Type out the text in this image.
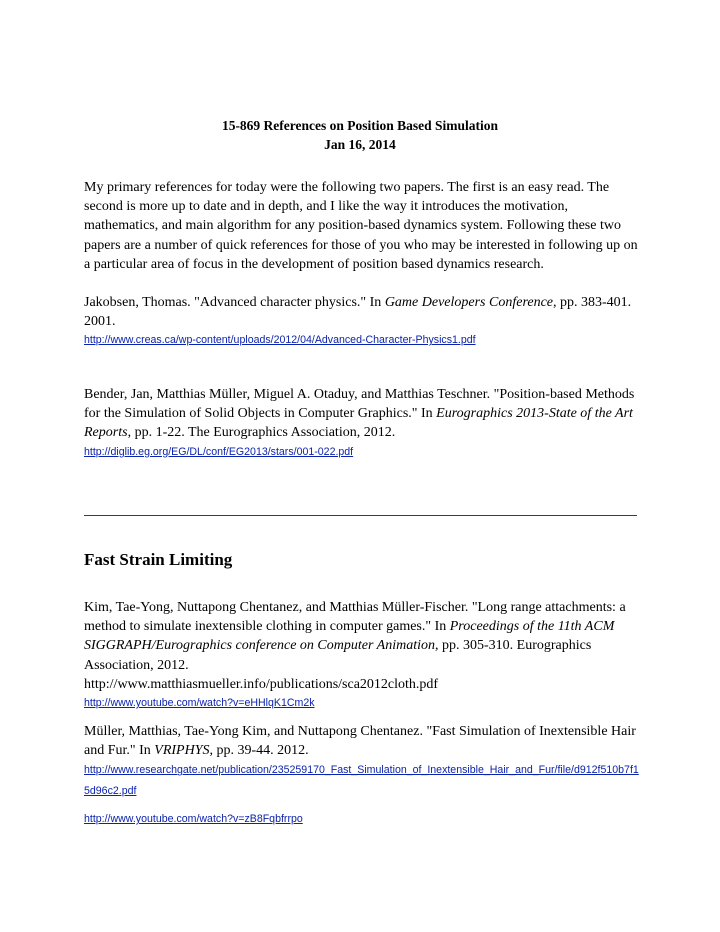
15-869 References on Position Based Simulation
Jan 16, 2014
My primary references for today were the following two papers. The first is an easy read. The second is more up to date and in depth, and I like the way it introduces the motivation, mathematics, and main algorithm for any position-based dynamics system. Following these two papers are a number of quick references for those of you who may be interested in following up on a particular area of focus in the development of position based dynamics research.
Jakobsen, Thomas. "Advanced character physics." In Game Developers Conference, pp. 383-401. 2001.
http://www.creas.ca/wp-content/uploads/2012/04/Advanced-Character-Physics1.pdf
Bender, Jan, Matthias Müller, Miguel A. Otaduy, and Matthias Teschner. "Position-based Methods for the Simulation of Solid Objects in Computer Graphics." In Eurographics 2013-State of the Art Reports, pp. 1-22. The Eurographics Association, 2012.
http://diglib.eg.org/EG/DL/conf/EG2013/stars/001-022.pdf
Fast Strain Limiting
Kim, Tae-Yong, Nuttapong Chentanez, and Matthias Müller-Fischer. "Long range attachments: a method to simulate inextensible clothing in computer games." In Proceedings of the 11th ACM SIGGRAPH/Eurographics conference on Computer Animation, pp. 305-310. Eurographics Association, 2012.
http://www.matthiasmueller.info/publications/sca2012cloth.pdf
http://www.youtube.com/watch?v=eHHlqK1Cm2k
Müller, Matthias, Tae-Yong Kim, and Nuttapong Chentanez. "Fast Simulation of Inextensible Hair and Fur." In VRIPHYS, pp. 39-44. 2012.
http://www.researchgate.net/publication/235259170_Fast_Simulation_of_Inextensible_Hair_and_Fur/file/d912f510b7f15d96c2.pdf
http://www.youtube.com/watch?v=zB8Fqbfrrpo
